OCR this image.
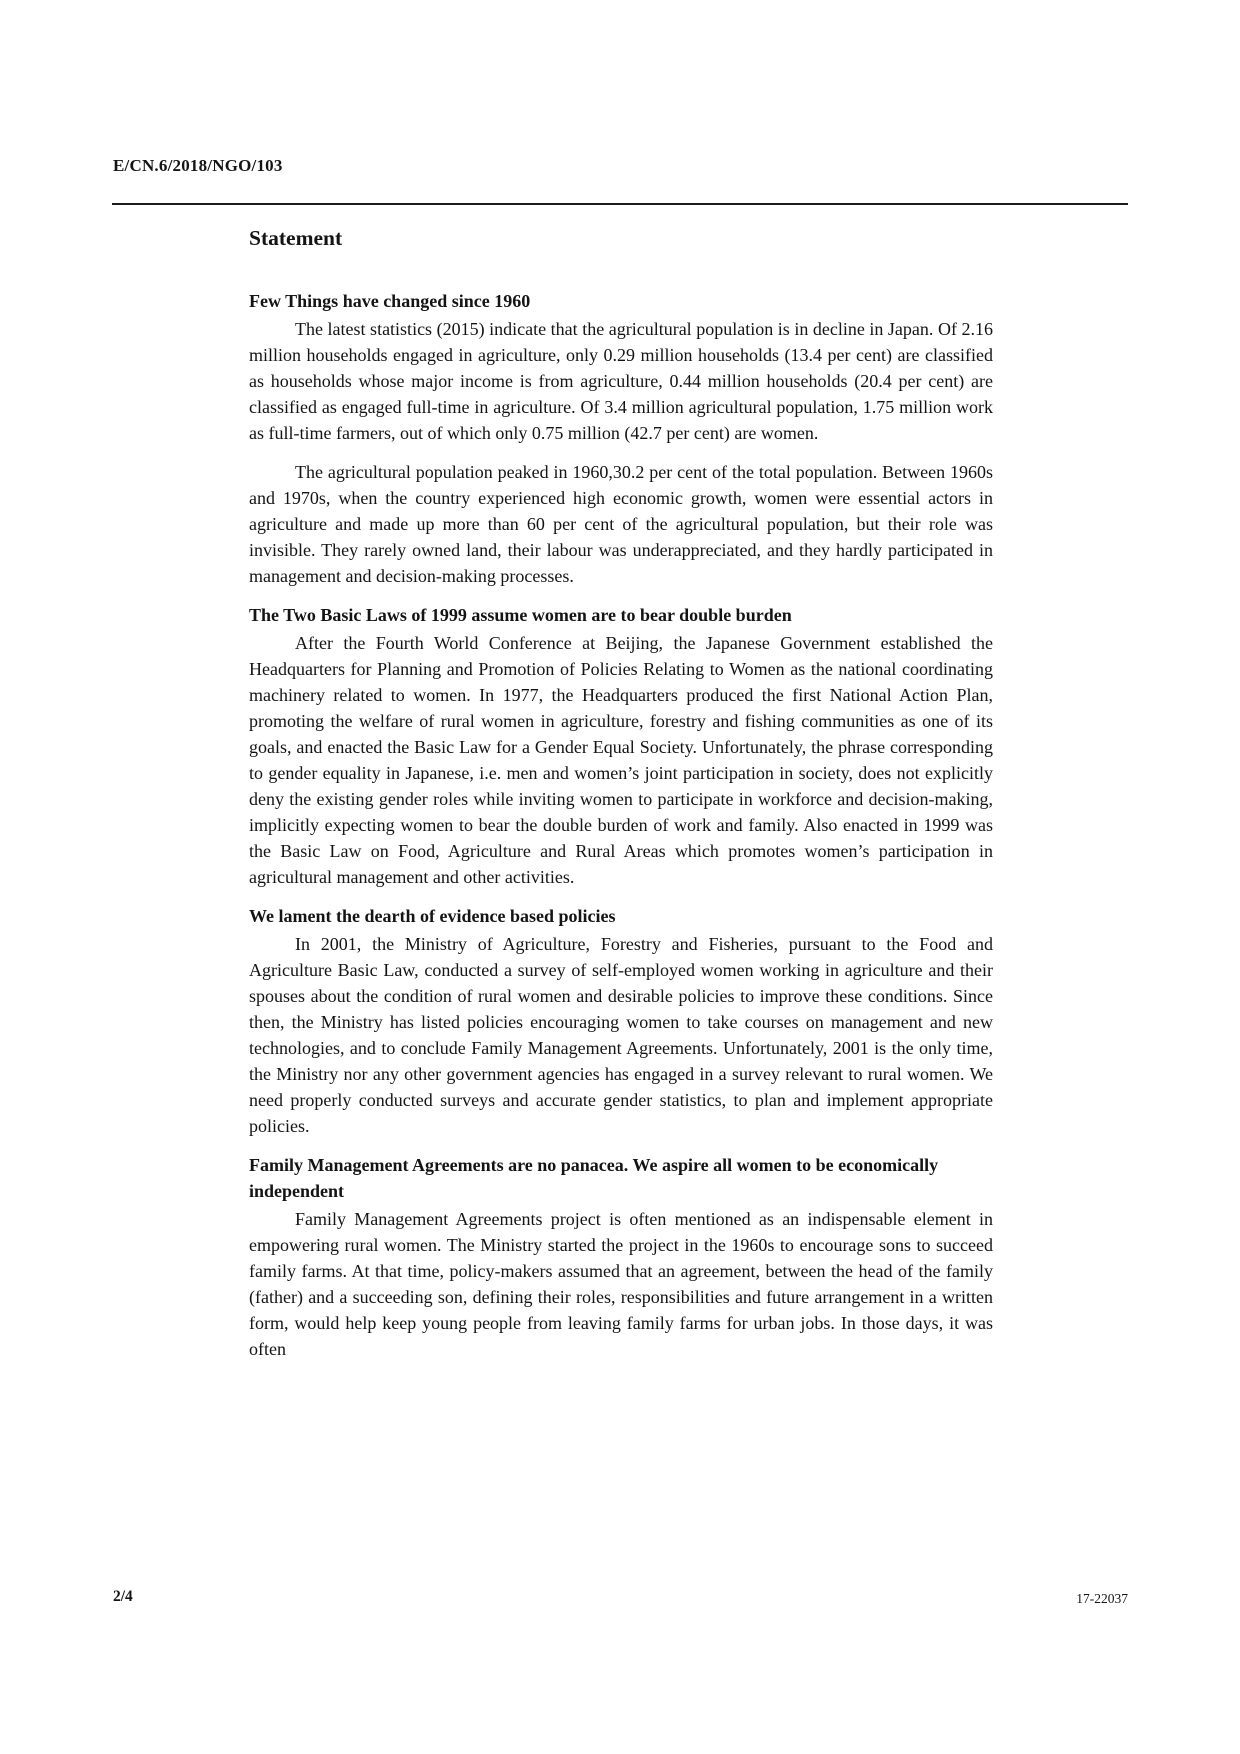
E/CN.6/2018/NGO/103
Statement
Few Things have changed since 1960

The latest statistics (2015) indicate that the agricultural population is in decline in Japan. Of 2.16 million households engaged in agriculture, only 0.29 million households (13.4 per cent) are classified as households whose major income is from agriculture, 0.44 million households (20.4 per cent) are classified as engaged full-time in agriculture. Of 3.4 million agricultural population, 1.75 million work as full-time farmers, out of which only 0.75 million (42.7 per cent) are women.

The agricultural population peaked in 1960,30.2 per cent of the total population. Between 1960s and 1970s, when the country experienced high economic growth, women were essential actors in agriculture and made up more than 60 per cent of the agricultural population, but their role was invisible. They rarely owned land, their labour was underappreciated, and they hardly participated in management and decision-making processes.

The Two Basic Laws of 1999 assume women are to bear double burden

After the Fourth World Conference at Beijing, the Japanese Government established the Headquarters for Planning and Promotion of Policies Relating to Women as the national coordinating machinery related to women. In 1977, the Headquarters produced the first National Action Plan, promoting the welfare of rural women in agriculture, forestry and fishing communities as one of its goals, and enacted the Basic Law for a Gender Equal Society. Unfortunately, the phrase corresponding to gender equality in Japanese, i.e. men and women’s joint participation in society, does not explicitly deny the existing gender roles while inviting women to participate in workforce and decision-making, implicitly expecting women to bear the double burden of work and family. Also enacted in 1999 was the Basic Law on Food, Agriculture and Rural Areas which promotes women’s participation in agricultural management and other activities.

We lament the dearth of evidence based policies

In 2001, the Ministry of Agriculture, Forestry and Fisheries, pursuant to the Food and Agriculture Basic Law, conducted a survey of self-employed women working in agriculture and their spouses about the condition of rural women and desirable policies to improve these conditions. Since then, the Ministry has listed policies encouraging women to take courses on management and new technologies, and to conclude Family Management Agreements. Unfortunately, 2001 is the only time, the Ministry nor any other government agencies has engaged in a survey relevant to rural women. We need properly conducted surveys and accurate gender statistics, to plan and implement appropriate policies.

Family Management Agreements are no panacea. We aspire all women to be economically independent

Family Management Agreements project is often mentioned as an indispensable element in empowering rural women. The Ministry started the project in the 1960s to encourage sons to succeed family farms. At that time, policy-makers assumed that an agreement, between the head of the family (father) and a succeeding son, defining their roles, responsibilities and future arrangement in a written form, would help keep young people from leaving family farms for urban jobs. In those days, it was often

2/4	17-22037
